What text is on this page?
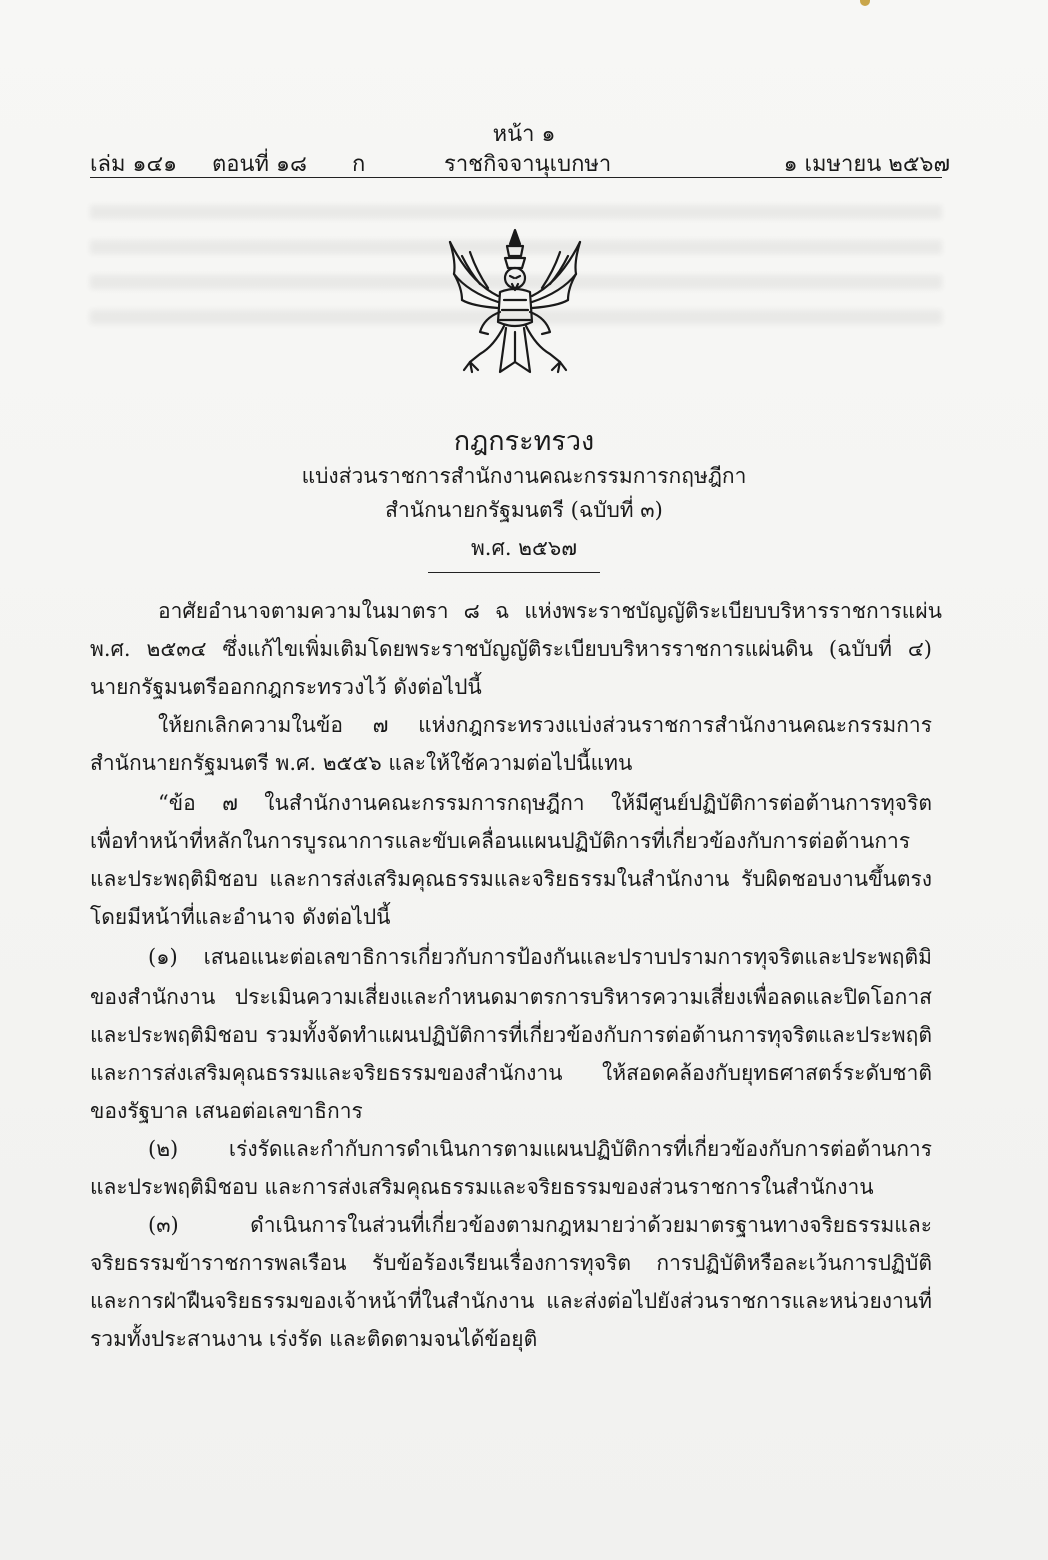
หน้า ๑
เล่ม ๑๔๑ ตอนที่ ๑๘ ก	ราชกิจจานุเบกษา	๑ เมษายน ๒๕๖๗
กฎกระทรวง
แบ่งส่วนราชการสำนักงานคณะกรรมการกฤษฎีกา
สำนักนายกรัฐมนตรี (ฉบับที่ ๓)
พ.ศ. ๒๕๖๗
อาศัยอำนาจตามความในมาตรา ๘ ฉ แห่งพระราชบัญญัติระเบียบบริหารราชการแผ่น
พ.ศ. ๒๕๓๔ ซึ่งแก้ไขเพิ่มเติมโดยพระราชบัญญัติระเบียบบริหารราชการแผ่นดิน (ฉบับที่ ๔)
นายกรัฐมนตรีออกกฎกระทรวงไว้ ดังต่อไปนี้
ให้ยกเลิกความในข้อ ๗ แห่งกฎกระทรวงแบ่งส่วนราชการสำนักงานคณะกรรมการ
สำนักนายกรัฐมนตรี พ.ศ. ๒๕๕๖ และให้ใช้ความต่อไปนี้แทน
“ข้อ ๗ ในสำนักงานคณะกรรมการกฤษฎีกา ให้มีศูนย์ปฏิบัติการต่อต้านการทุจริต
เพื่อทำหน้าที่หลักในการบูรณาการและขับเคลื่อนแผนปฏิบัติการที่เกี่ยวข้องกับการต่อต้านการ
และประพฤติมิชอบ และการส่งเสริมคุณธรรมและจริยธรรมในสำนักงาน รับผิดชอบงานขึ้นตรง
โดยมีหน้าที่และอำนาจ ดังต่อไปนี้
(๑) เสนอแนะต่อเลขาธิการเกี่ยวกับการป้องกันและปราบปรามการทุจริตและประพฤติมิ
ของสำนักงาน ประเมินความเสี่ยงและกำหนดมาตรการบริหารความเสี่ยงเพื่อลดและปิดโอกาส
และประพฤติมิชอบ รวมทั้งจัดทำแผนปฏิบัติการที่เกี่ยวข้องกับการต่อต้านการทุจริตและประพฤติ
และการส่งเสริมคุณธรรมและจริยธรรมของสำนักงาน ให้สอดคล้องกับยุทธศาสตร์ระดับชาติ
ของรัฐบาล เสนอต่อเลขาธิการ
(๒) เร่งรัดและกำกับการดำเนินการตามแผนปฏิบัติการที่เกี่ยวข้องกับการต่อต้านการ
และประพฤติมิชอบ และการส่งเสริมคุณธรรมและจริยธรรมของส่วนราชการในสำนักงาน
(๓) ดำเนินการในส่วนที่เกี่ยวข้องตามกฎหมายว่าด้วยมาตรฐานทางจริยธรรมและ
จริยธรรมข้าราชการพลเรือน รับข้อร้องเรียนเรื่องการทุจริต การปฏิบัติหรือละเว้นการปฏิบัติ
และการฝ่าฝืนจริยธรรมของเจ้าหน้าที่ในสำนักงาน และส่งต่อไปยังส่วนราชการและหน่วยงานที่
รวมทั้งประสานงาน เร่งรัด และติดตามจนได้ข้อยุติ
